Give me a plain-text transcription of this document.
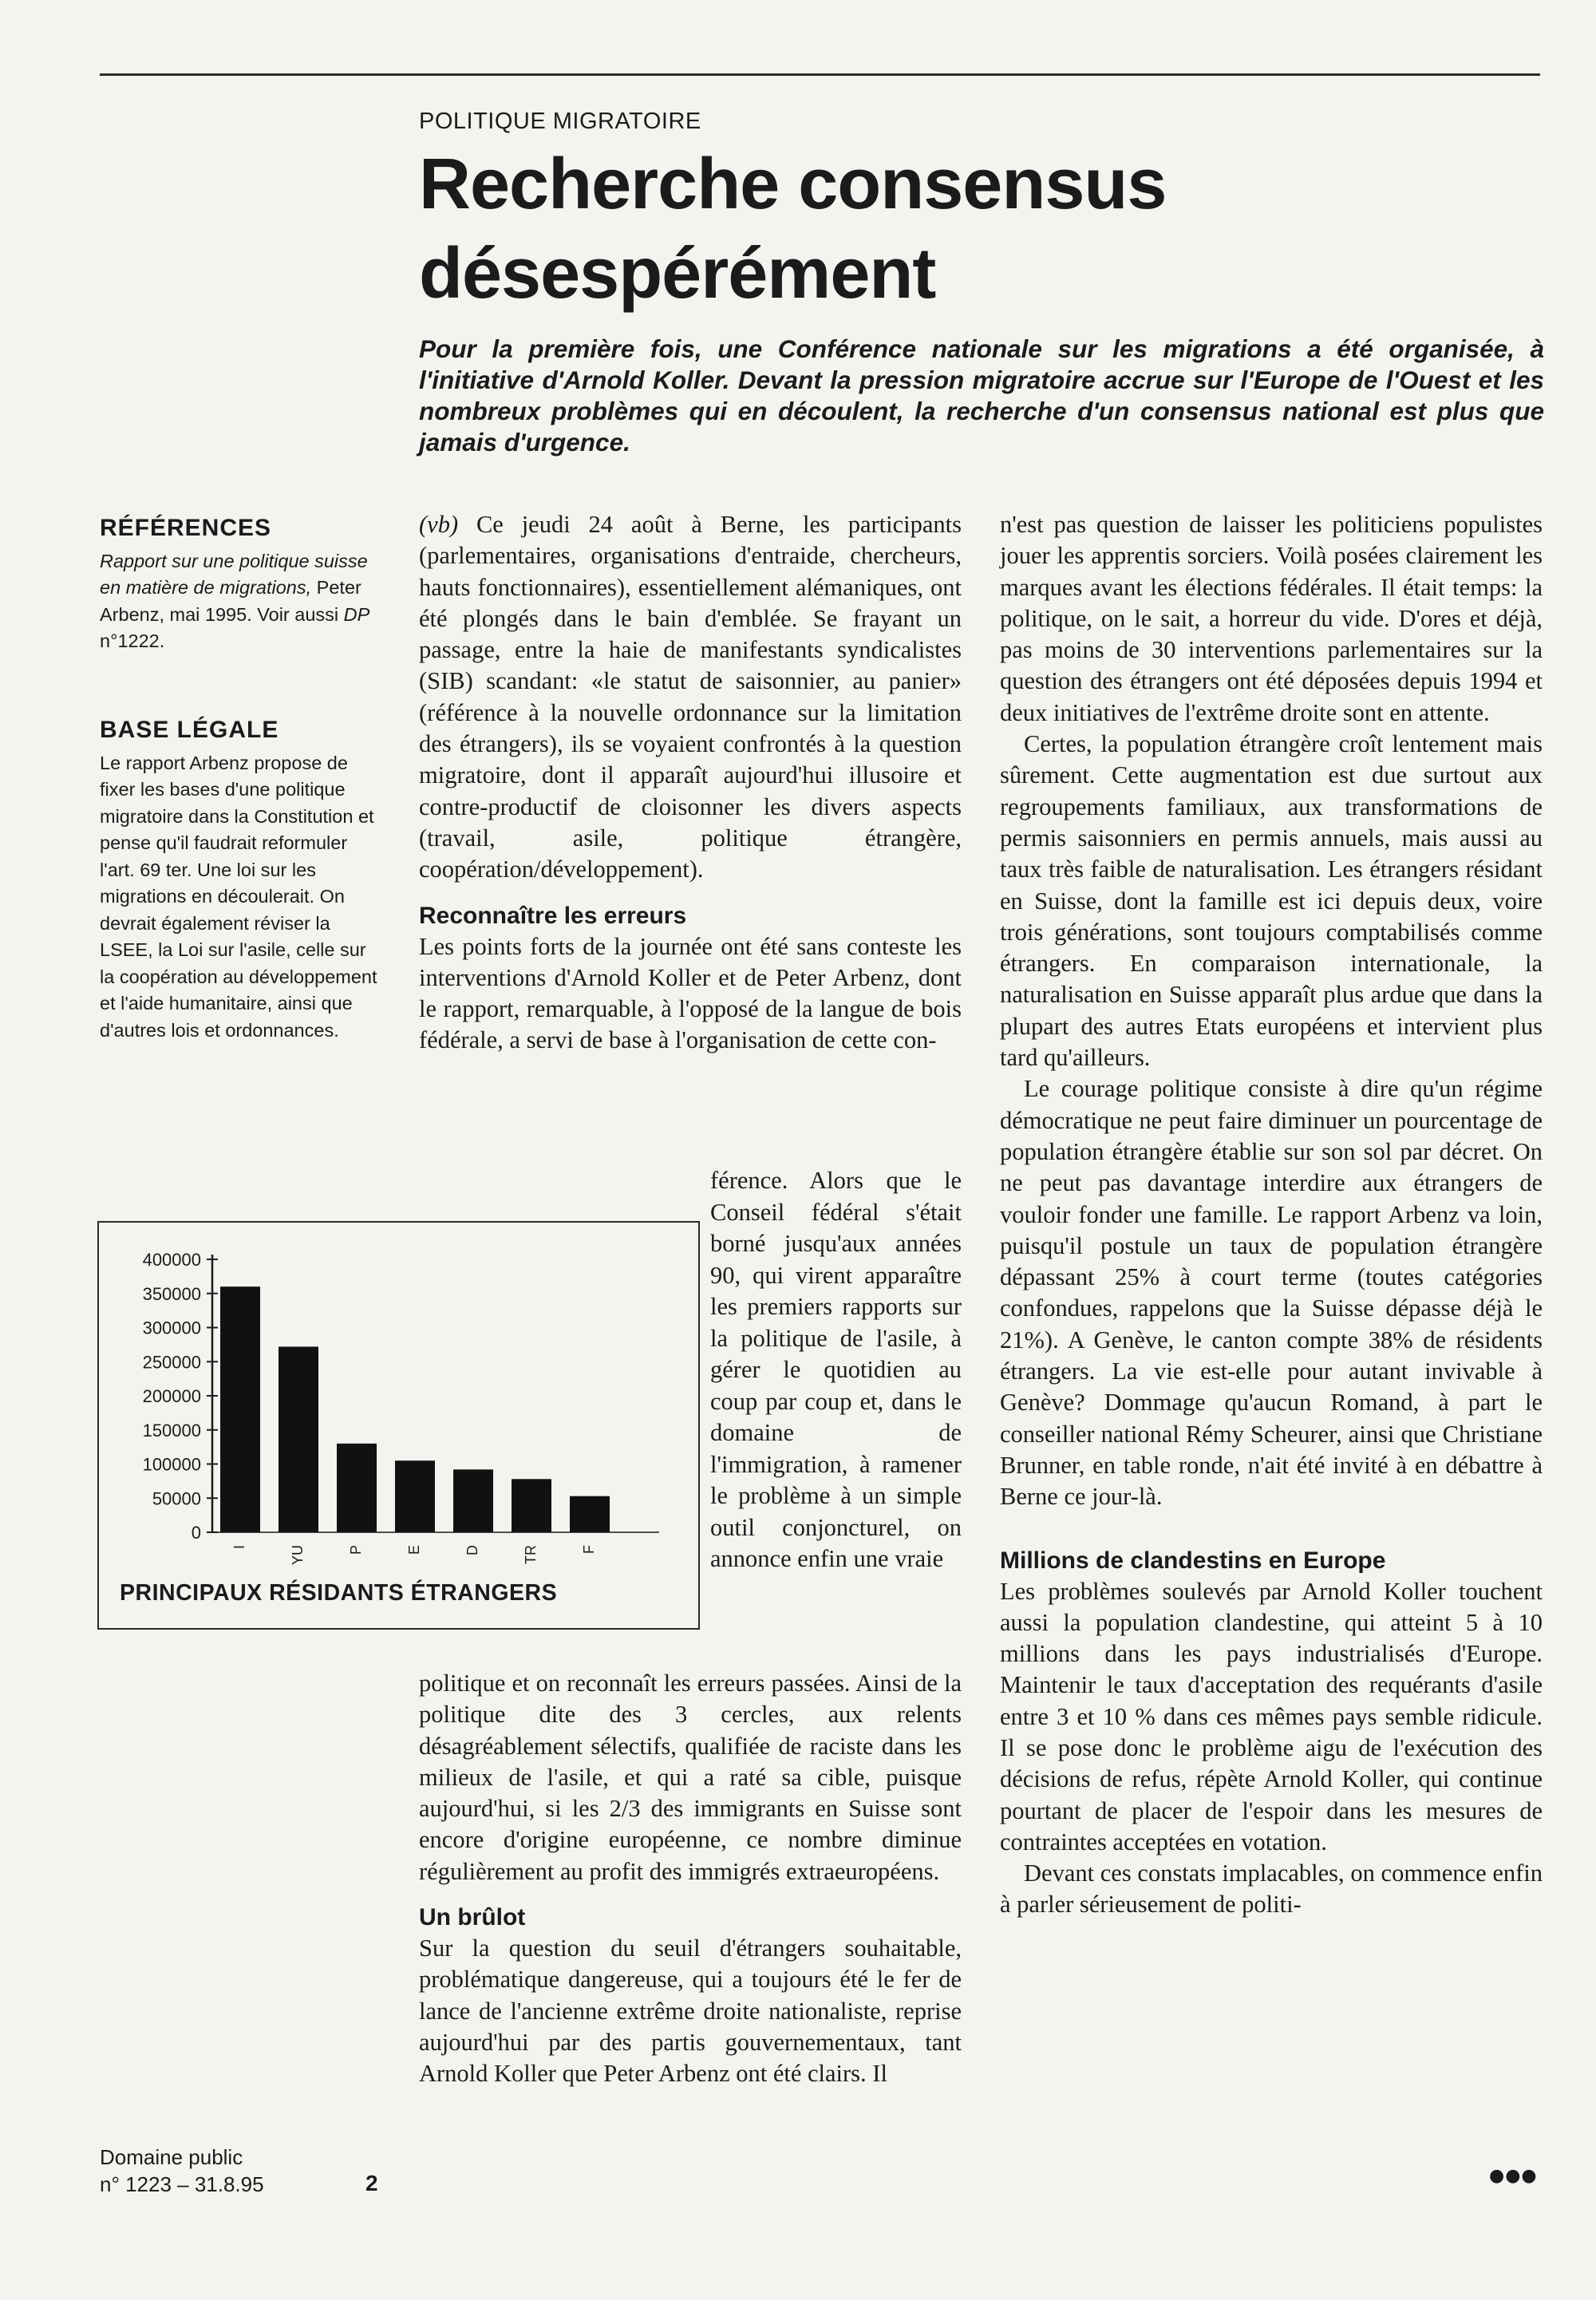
POLITIQUE MIGRATOIRE
Recherche consensus
désespérément

Pour la première fois, une Conférence nationale sur les migrations a été organisée, à l'initiative d'Arnold Koller. Devant la pression migratoire accrue sur l'Europe de l'Ouest et les nombreux problèmes qui en découlent, la recherche d'un consensus national est plus que jamais d'urgence.

RÉFÉRENCES

Rapport sur une politique suisse en matière de migrations, Peter Arbenz, mai 1995. Voir aussi DP n°1222.

BASE LÉGALE

Le rapport Arbenz propose de fixer les bases d'une politique migratoire dans la Constitution et pense qu'il faudrait reformuler l'art. 69 ter. Une loi sur les migrations en découlerait. On devrait également réviser la LSEE, la Loi sur l'asile, celle sur la coopération au développement et l'aide humanitaire, ainsi que d'autres lois et ordonnances.

400000
350000
300000
250000
200000
150000
100000
50000
0
I	YU	P	E	D	TR	F
PRINCIPAUX RÉSIDANTS ÉTRANGERS

(vb) Ce jeudi 24 août à Berne, les participants (parlementaires, organisations d'entraide, chercheurs, hauts fonctionnaires), essentiellement alémaniques, ont été plongés dans le bain d'emblée. Se frayant un passage, entre la haie de manifestants syndicalistes (SIB) scandant: «le statut de saisonnier, au panier» (référence à la nouvelle ordonnance sur la limitation des étrangers), ils se voyaient confrontés à la question migratoire, dont il apparaît aujourd'hui illusoire et contre-productif de cloisonner les divers aspects (travail, asile, politique étrangère, coopération/développement).

Reconnaître les erreurs

Les points forts de la journée ont été sans conteste les interventions d'Arnold Koller et de Peter Arbenz, dont le rapport, remarquable, à l'opposé de la langue de bois fédérale, a servi de base à l'organisation de cette con-

férence. Alors que le Conseil fédéral s'était borné jusqu'aux années 90, qui virent apparaître les premiers rapports sur la politique de l'asile, à gérer le quotidien au coup par coup et, dans le domaine de l'immigration, à ramener le problème à un simple outil conjoncturel, on annonce enfin une vraie

politique et on reconnaît les erreurs passées. Ainsi de la politique dite des 3 cercles, aux relents désagréablement sélectifs, qualifiée de raciste dans les milieux de l'asile, et qui a raté sa cible, puisque aujourd'hui, si les 2/3 des immigrants en Suisse sont encore d'origine européenne, ce nombre diminue régulièrement au profit des immigrés extraeuropéens.

Un brûlot

Sur la question du seuil d'étrangers souhaitable, problématique dangereuse, qui a toujours été le fer de lance de l'ancienne extrême droite nationaliste, reprise aujourd'hui par des partis gouvernementaux, tant Arnold Koller que Peter Arbenz ont été clairs. Il

n'est pas question de laisser les politiciens populistes jouer les apprentis sorciers. Voilà posées clairement les marques avant les élections fédérales. Il était temps: la politique, on le sait, a horreur du vide. D'ores et déjà, pas moins de 30 interventions parlementaires sur la question des étrangers ont été déposées depuis 1994 et deux initiatives de l'extrême droite sont en attente.

Certes, la population étrangère croît lentement mais sûrement. Cette augmentation est due surtout aux regroupements familiaux, aux transformations de permis saisonniers en permis annuels, mais aussi au taux très faible de naturalisation. Les étrangers résidant en Suisse, dont la famille est ici depuis deux, voire trois générations, sont toujours comptabilisés comme étrangers. En comparaison internationale, la naturalisation en Suisse apparaît plus ardue que dans la plupart des autres Etats européens et intervient plus tard qu'ailleurs.

Le courage politique consiste à dire qu'un régime démocratique ne peut faire diminuer un pourcentage de population étrangère établie sur son sol par décret. On ne peut pas davantage interdire aux étrangers de vouloir fonder une famille. Le rapport Arbenz va loin, puisqu'il postule un taux de population étrangère dépassant 25% à court terme (toutes catégories confondues, rappelons que la Suisse dépasse déjà le 21%). A Genève, le canton compte 38% de résidents étrangers. La vie est-elle pour autant invivable à Genève? Dommage qu'aucun Romand, à part le conseiller national Rémy Scheurer, ainsi que Christiane Brunner, en table ronde, n'ait été invité à en débattre à Berne ce jour-là.

Millions de clandestins en Europe

Les problèmes soulevés par Arnold Koller touchent aussi la population clandestine, qui atteint 5 à 10 millions dans les pays industrialisés d'Europe. Maintenir le taux d'acceptation des requérants d'asile entre 3 et 10 % dans ces mêmes pays semble ridicule. Il se pose donc le problème aigu de l'exécution des décisions de refus, répète Arnold Koller, qui continue pourtant de placer de l'espoir dans les mesures de contraintes acceptées en votation.

Devant ces constats implacables, on commence enfin à parler sérieusement de politi-

●●●
Domaine public
n° 1223 – 31.8.95	2
